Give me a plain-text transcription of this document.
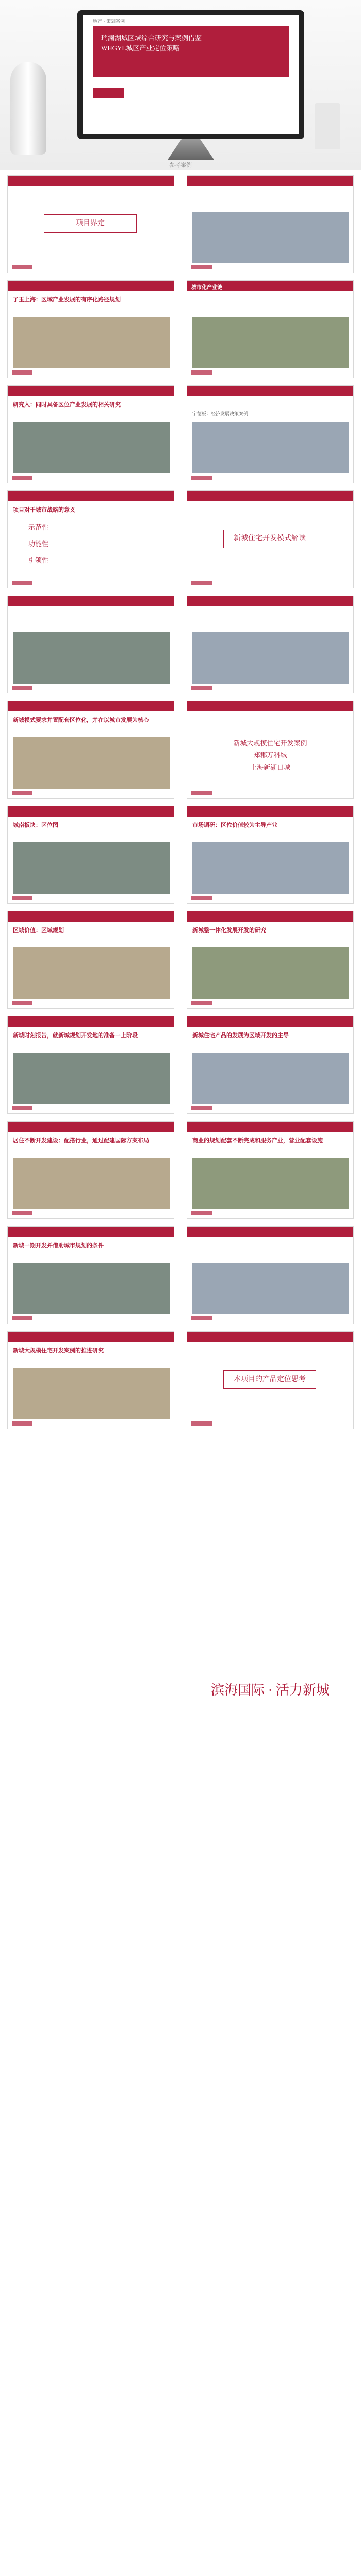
地产 · 策划案例
瑞澜湖城区域综合研究与案例借鉴
WHGYL城区产业定位策略
参考案例
项目界定
了玉上海：区域产业发展的有序化路径规划
城市化产业链
研究入：同时具备区位产业发展的相关研究
宁德板：经济发展决策案例
项目对于城市战略的意义
示范性
功能性
引领性
新城住宅开发模式解读
新城模式要求并置配套区位化，并在以城市发展为核心
新城大规模住宅开发案例
郑郡万科城
上海新湖日城
城南板块：区位图	市场调研：区位价值较为主导产业
区域价值：区域规划	新城整一体化发展开发的研究
新城时刻报告，就新城规划开发地的准备一上阶段	新城住宅产品的发展为区域开发的主导
居住不断开发建设：配搭行业，通过配建国际方案布局	商业的规划配套不断完成和服务产业，营业配套设施
新城一期开发并借助城市规划的条件
新城大规模住宅开发案例的推进研究
本项目的产品定位思考
滨海国际 · 活力新城
